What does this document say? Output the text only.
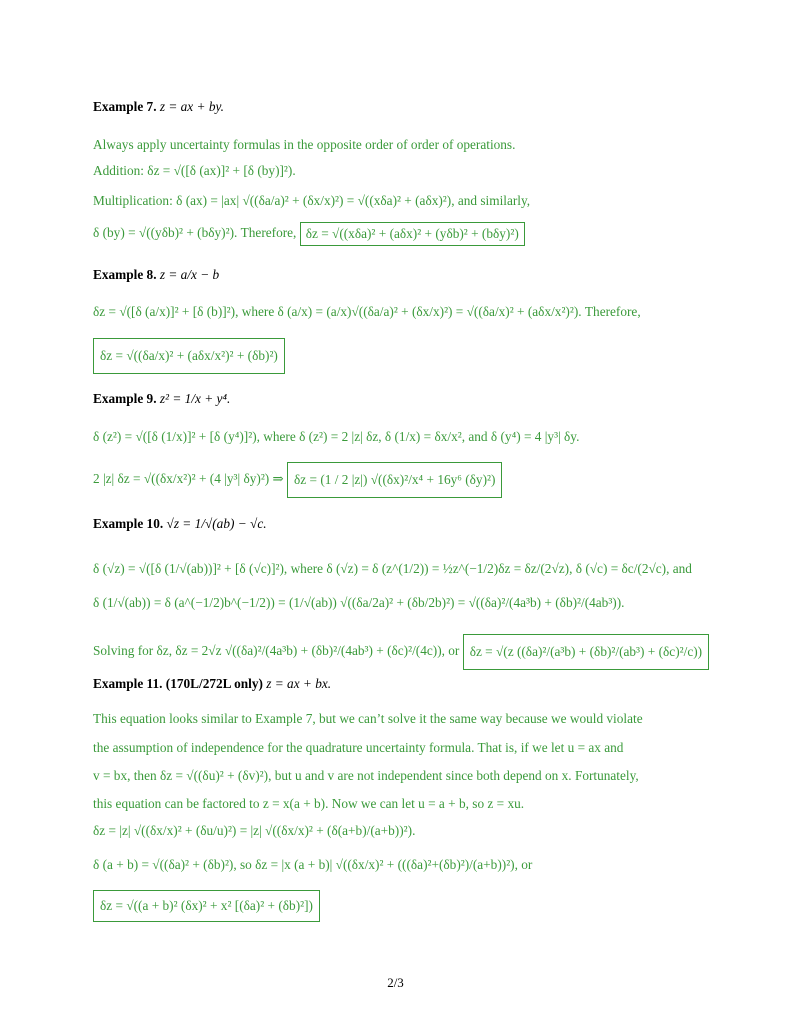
Example 7. z = ax + by.
Always apply uncertainty formulas in the opposite order of order of operations.
Addition: δz = √([δ (ax)]² + [δ (by)]²).
Multiplication: δ (ax) = |ax| √((δa/a)² + (δx/x)²) = √((xδa)² + (aδx)²), and similarly,
δ (by) = √((yδb)² + (bδy)²). Therefore, δz = √((xδa)² + (aδx)² + (yδb)² + (bδy)²)
Example 8. z = a/x − b
δz = √([δ (a/x)]² + [δ (b)]²), where δ (a/x) = (a/x)√((δa/a)² + (δx/x)²) = √((δa/x)² + (aδx/x²)²). Therefore,
δz = √((δa/x)² + (aδx/x²)² + (δb)²)
Example 9. z² = 1/x + y⁴.
δ (z²) = √([δ (1/x)]² + [δ (y⁴)]²), where δ (z²) = 2 |z| δz, δ (1/x) = δx/x², and δ (y⁴) = 4 |y³| δy.
2 |z| δz = √((δx/x²)² + (4 |y³| δy)²) ⇒ δz = (1 / 2 |z|) √((δx)²/x⁴ + 16y⁶ (δy)²)
Example 10. √z = 1/√(ab) − √c.
δ (√z) = √([δ (1/√(ab))]² + [δ (√c)]²), where δ (√z) = δ (z^(1/2)) = ½z^(−1/2)δz = δz/(2√z), δ (√c) = δc/(2√c), and
δ (1/√(ab)) = δ (a^(−1/2)b^(−1/2)) = (1/√(ab)) √((δa/2a)² + (δb/2b)²) = √((δa)²/(4a³b) + (δb)²/(4ab³)).
Solving for δz, δz = 2√z √((δa)²/(4a³b) + (δb)²/(4ab³) + (δc)²/(4c)), or δz = √(z ((δa)²/(a³b) + (δb)²/(ab³) + (δc)²/c))
Example 11. (170L/272L only) z = ax + bx.
This equation looks similar to Example 7, but we can’t solve it the same way because we would violate
the assumption of independence for the quadrature uncertainty formula. That is, if we let u = ax and
v = bx, then δz = √((δu)² + (δv)²), but u and v are not independent since both depend on x. Fortunately,
this equation can be factored to z = x(a + b). Now we can let u = a + b, so z = xu.
δz = |z| √((δx/x)² + (δu/u)²) = |z| √((δx/x)² + (δ(a+b)/(a+b))²).
δ (a + b) = √((δa)² + (δb)²), so δz = |x (a + b)| √((δx/x)² + (((δa)²+(δb)²)/(a+b))²), or
δz = √((a + b)² (δx)² + x² [(δa)² + (δb)²])
2/3
